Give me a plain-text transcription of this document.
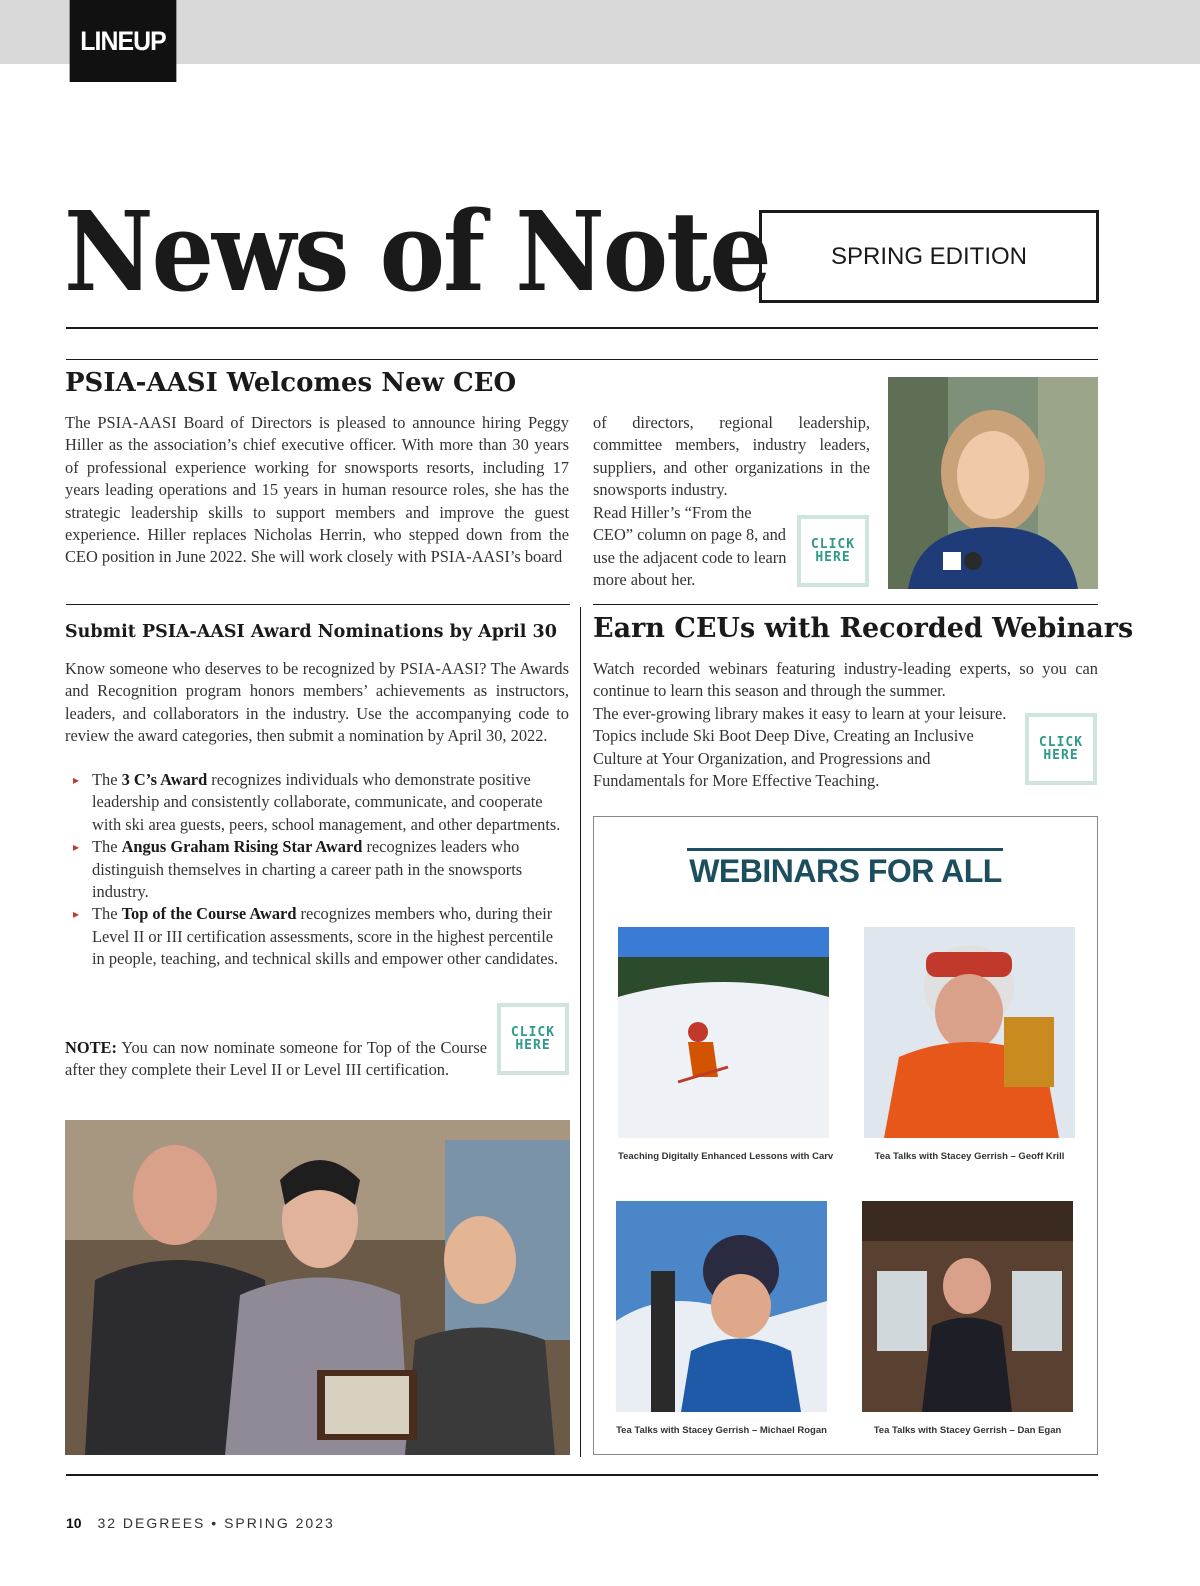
LINEUP
News of Note	SPRING EDITION
PSIA-AASI Welcomes New CEO
The PSIA-AASI Board of Directors is pleased to announce hiring Peggy Hiller as the association’s chief executive officer. With more than 30 years of professional experience working for snowsports resorts, including 17 years leading operations and 15 years in human resource roles, she has the strategic leadership skills to support members and improve the guest experience. Hiller replaces Nicholas Herrin, who stepped down from the CEO position in June 2022. She will work closely with PSIA-AASI’s board
of directors, regional leadership, committee members, industry leaders, suppliers, and other organizations in the snowsports industry.
Read Hiller’s “From the CEO” column on page 8, and use the adjacent code to learn more about her.
CLICK
HERE
Submit PSIA-AASI Award Nominations by April 30
Know someone who deserves to be recognized by PSIA-AASI? The Awards and Recognition program honors members’ achievements as instructors, leaders, and collaborators in the industry. Use the accompanying code to review the award categories, then submit a nomination by April 30, 2022.
▸ The 3 C’s Award recognizes individuals who demonstrate positive leadership and consistently collaborate, communicate, and cooperate with ski area guests, peers, school management, and other departments.
▸ The Angus Graham Rising Star Award recognizes leaders who distinguish themselves in charting a career path in the snowsports industry.
▸ The Top of the Course Award recognizes members who, during their Level II or III certification assessments, score in the highest percentile in people, teaching, and technical skills and empower other candidates.
NOTE: You can now nominate someone for Top of the Course after they complete their Level II or Level III certification.
CLICK
HERE
Earn CEUs with Recorded Webinars
Watch recorded webinars featuring industry-leading experts, so you can continue to learn this season and through the summer.
The ever-growing library makes it easy to learn at your leisure. Topics include Ski Boot Deep Dive, Creating an Inclusive Culture at Your Organization, and Progressions and Fundamentals for More Effective Teaching.
CLICK
HERE
WEBINARS FOR ALL
Teaching Digitally Enhanced Lessons with Carv	Tea Talks with Stacey Gerrish – Geoff Krill
Tea Talks with Stacey Gerrish – Michael Rogan	Tea Talks with Stacey Gerrish – Dan Egan
10 32 DEGREES • SPRING 2023
